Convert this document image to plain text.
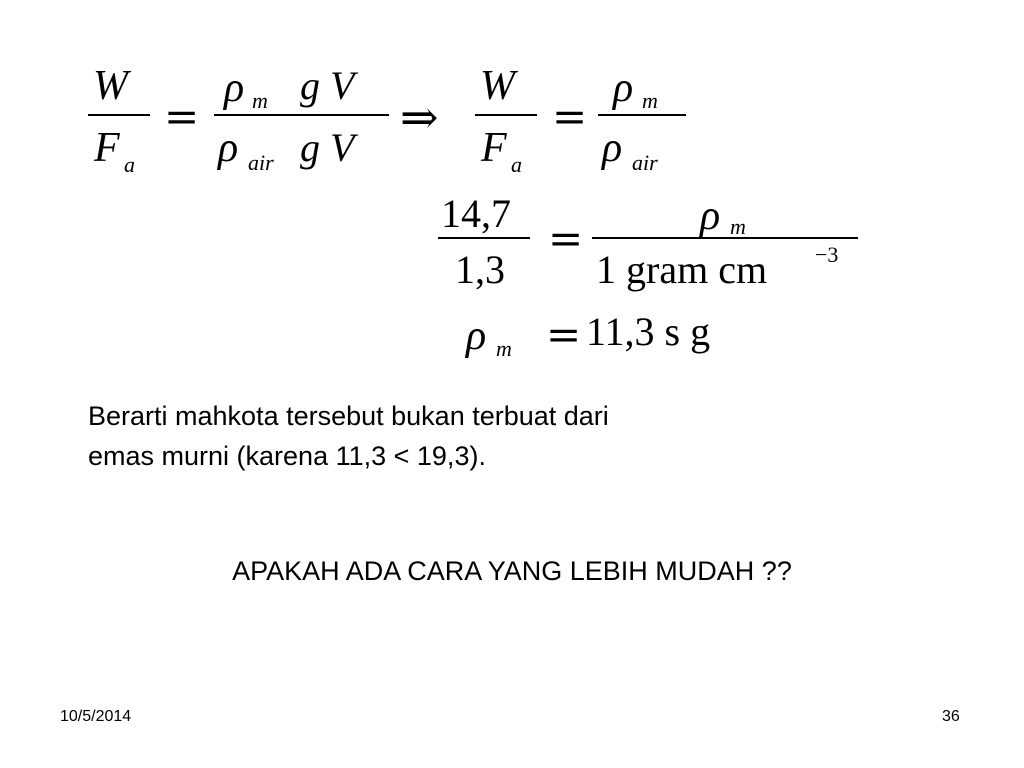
W
F a
=
ρ m g V
ρ air g V
⇒
W
F a
=
ρ m
ρ air
14,7
1,3
=	ρ m
1 gram cm −3
ρ m = 11,3 s g
Berarti mahkota tersebut bukan terbuat dari
emas murni (karena 11,3 < 19,3).
APAKAH ADA CARA YANG LEBIH MUDAH ??
10/5/2014	36
